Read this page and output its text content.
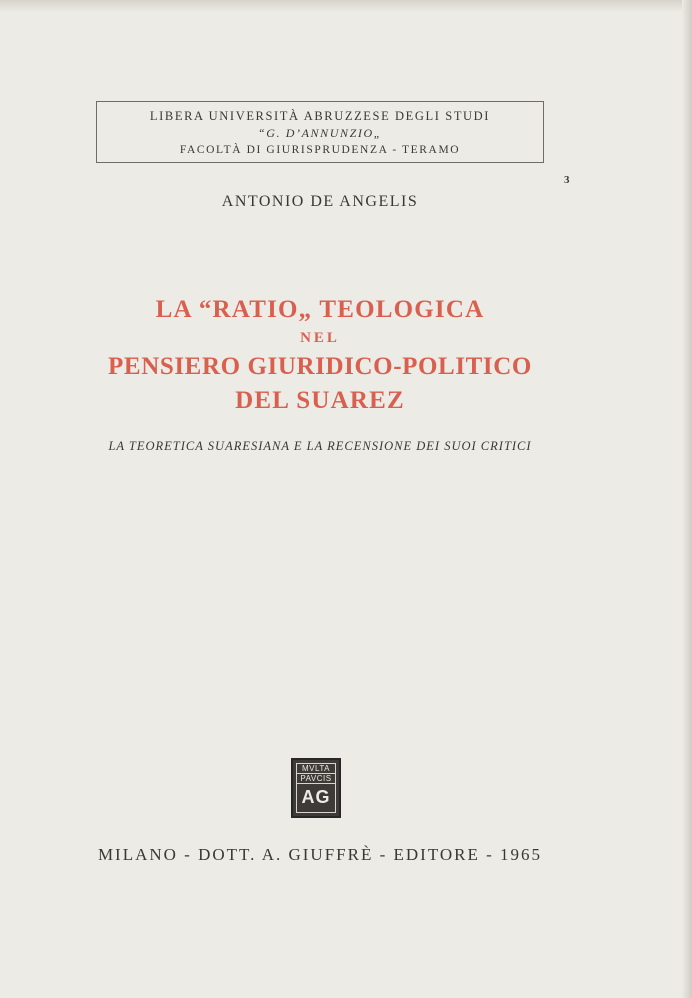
LIBERA UNIVERSITÀ ABRUZZESE DEGLI STUDI
“G. D’ANNUNZIO„
FACOLTÀ DI GIURISPRUDENZA - TERAMO
3
ANTONIO DE ANGELIS
LA “RATIO„ TEOLOGICA
NEL
PENSIERO GIURIDICO-POLITICO
DEL SUAREZ
LA TEORETICA SUARESIANA E LA RECENSIONE DEI SUOI CRITICI
MVLTA
PAVCIS
AG
MILANO - DOTT. A. GIUFFRÈ - EDITORE - 1965
